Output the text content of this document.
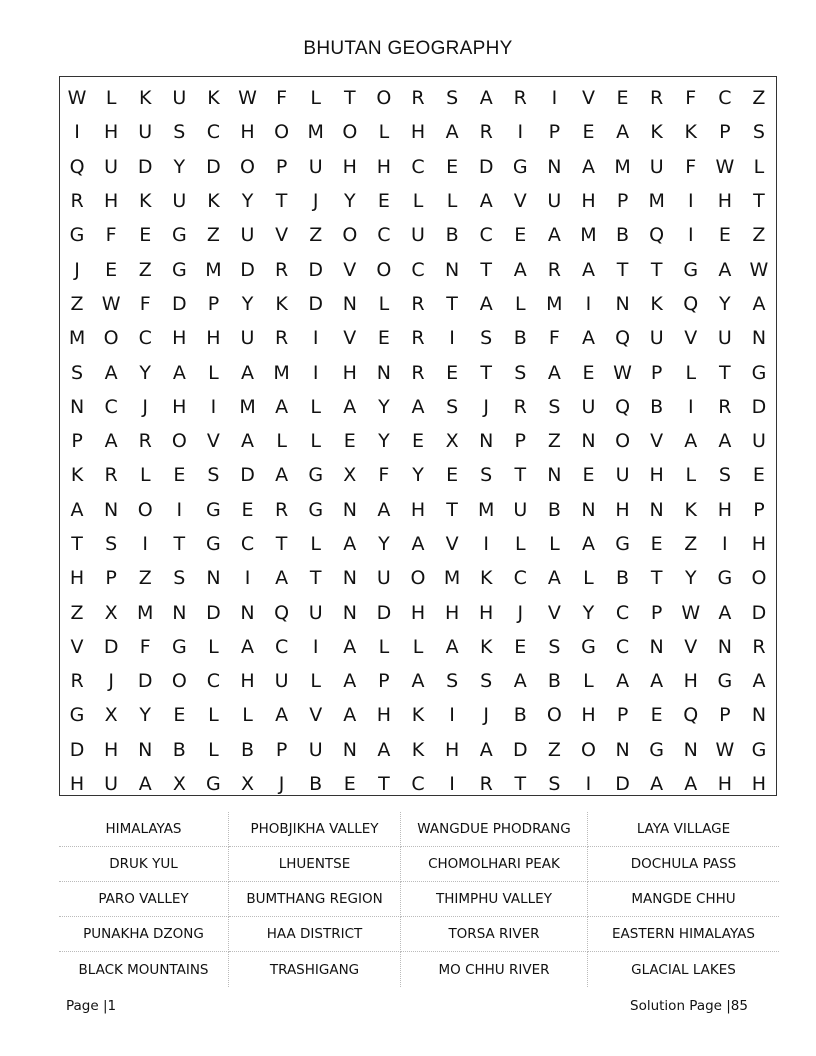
BHUTAN GEOGRAPHY
W	L	K	U	K W	F	L	T	O	R	S	A	R	I	V	E	R	F	C	Z
I	H	U	S	C	H	O M O	L	H	A	R	I	P	E	A	K	K	P	S
Q	U	D	Y	D	O	P	U	H	H	C	E	D	G	N	A	M U	F	W	L
R	H	K	U	K	Y	T	J	Y	E	L	L	A	V	U	H	P	M	I	H	T
G	F	E	G	Z	U	V	Z	O	C	U	B	C	E	A	M	B	Q	I	E	Z
J	E	Z	G M D	R	D	V	O	C	N	T	A	R	A	T	T	G	A W
Z W	F	D	P	Y	K	D	N	L	R	T	A	L	M	I	N	K	Q	Y	A
M O	C	H	H	U	R	I	V	E	R	I	S	B	F	A	Q	U	V	U	N
S	A	Y	A	L	A	M	I	H	N	R	E	T	S	A	E W P	L	T	G
N	C	J	H	I	M	A	L	A	Y	A	S	J	R	S	U	Q	B	I	R	D
P	A	R	O	V	A	L	L	E	Y	E	X	N	P	Z	N	O	V	A	A	U
K	R	L	E	S	D	A	G	X	F	Y	E	S	T	N	E	U	H	L	S	E
A	N	O	I	G	E	R	G	N	A	H	T	M U	B	N	H	N	K	H	P
T	S	I	T	G	C	T	L	A	Y	A	V	I	L	L	A	G	E	Z	I	H
H	P	Z	S	N	I	A	T	N	U	O M	K	C	A	L	B	T	Y	G	O
Z	X	M N	D	N	Q	U	N	D	H	H	H	J	V	Y	C	P W A	D
V	D	F	G	L	A	C	I	A	L	L	A	K	E	S	G	C	N	V	N	R
R	J	D	O	C	H	U	L	A	P	A	S	S	A	B	L	A	A	H	G	A
G	X	Y	E	L	L	A	V	A	H	K	I	J	B	O	H	P	E	Q	P	N
D	H	N	B	L	B	P	U	N	A	K	H	A	D	Z	O	N	G	N W G
H	U	A	X	G	X	J	B	E	T	C	I	R	T	S	I	D	A	A	H	H
HIMALAYAS	PHOBJIKHA VALLEY	WANGDUE PHODRANG	LAYA VILLAGE
DRUK YUL	LHUENTSE	CHOMOLHARI PEAK	DOCHULA PASS
PARO VALLEY	BUMTHANG REGION	THIMPHU VALLEY	MANGDE CHHU
PUNAKHA DZONG	HAA DISTRICT	TORSA RIVER	EASTERN HIMALAYAS
BLACK MOUNTAINS	TRASHIGANG	MO CHHU RIVER	GLACIAL LAKES
Page |1	Solution Page |85
